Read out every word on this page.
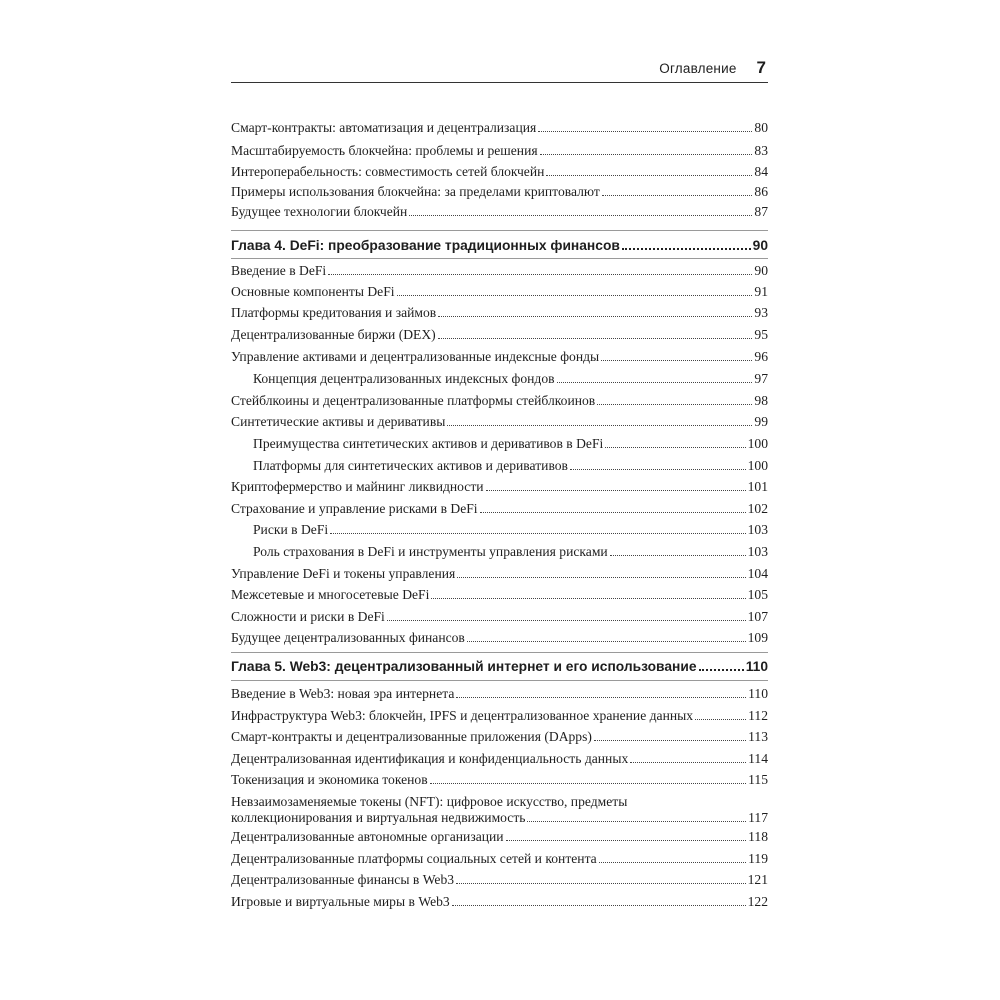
Оглавление 7
Смарт-контракты: автоматизация и децентрализация	80
Масштабируемость блокчейна: проблемы и решения	83
Интероперабельность: совместимость сетей блокчейн	84
Примеры использования блокчейна: за пределами криптовалют	86
Будущее технологии блокчейн	87
Глава 4. DeFi: преобразование традиционных финансов	90
Введение в DeFi	90
Основные компоненты DeFi	91
Платформы кредитования и займов	93
Децентрализованные биржи (DEX)	95
Управление активами и децентрализованные индексные фонды	96
Концепция децентрализованных индексных фондов	97
Стейблкоины и децентрализованные платформы стейблкоинов	98
Синтетические активы и деривативы	99
Преимущества синтетических активов и деривативов в DeFi	100
Платформы для синтетических активов и деривативов	100
Криптофермерство и майнинг ликвидности	101
Страхование и управление рисками в DeFi	102
Риски в DeFi	103
Роль страхования в DeFi и инструменты управления рисками	103
Управление DeFi и токены управления	104
Межсетевые и многосетевые DeFi	105
Сложности и риски в DeFi	107
Будущее децентрализованных финансов	109
Глава 5. Web3: децентрализованный интернет и его использование	110
Введение в Web3: новая эра интернета	110
Инфраструктура Web3: блокчейн, IPFS и децентрализованное хранение данных	112
Смарт-контракты и децентрализованные приложения (DApps)	113
Децентрализованная идентификация и конфиденциальность данных	114
Токенизация и экономика токенов	115
Невзаимозаменяемые токены (NFT): цифровое искусство, предметы
коллекционирования и виртуальная недвижимость	117
Децентрализованные автономные организации	118
Децентрализованные платформы социальных сетей и контента	119
Децентрализованные финансы в Web3	121
Игровые и виртуальные миры в Web3	122
